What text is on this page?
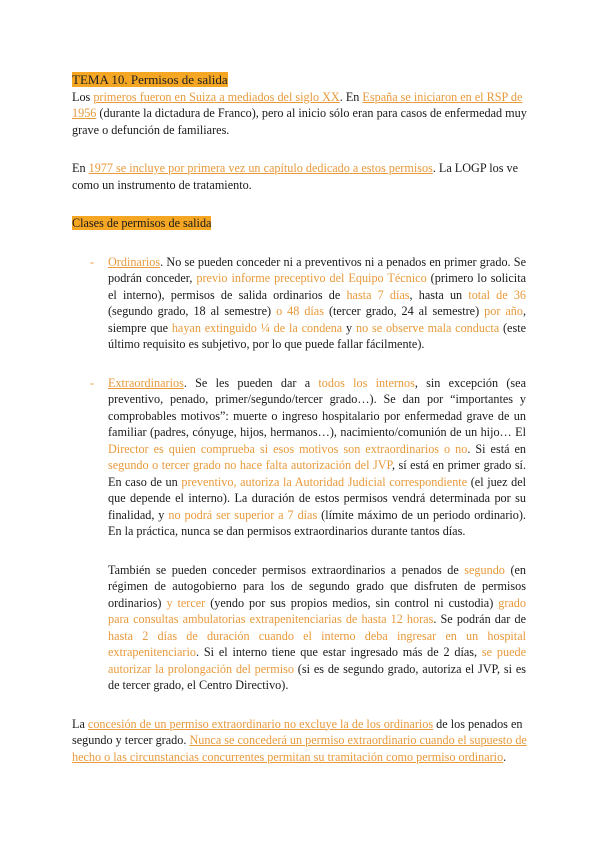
TEMA 10. Permisos de salida

Los primeros fueron en Suiza a mediados del siglo XX. En España se iniciaron en el RSP de 1956 (durante la dictadura de Franco), pero al inicio sólo eran para casos de enfermedad muy grave o defunción de familiares.

En 1977 se incluye por primera vez un capítulo dedicado a estos permisos. La LOGP los ve como un instrumento de tratamiento.

Clases de permisos de salida

- Ordinarios. No se pueden conceder ni a preventivos ni a penados en primer grado. Se podrán conceder, previo informe preceptivo del Equipo Técnico (primero lo solicita el interno), permisos de salida ordinarios de hasta 7 días, hasta un total de 36 (segundo grado, 18 al semestre) o 48 días (tercer grado, 24 al semestre) por año, siempre que hayan extinguido ¼ de la condena y no se observe mala conducta (este último requisito es subjetivo, por lo que puede fallar fácilmente).

- Extraordinarios. Se les pueden dar a todos los internos, sin excepción (sea preventivo, penado, primer/segundo/tercer grado…). Se dan por “importantes y comprobables motivos”: muerte o ingreso hospitalario por enfermedad grave de un familiar (padres, cónyuge, hijos, hermanos…), nacimiento/comunión de un hijo… El Director es quien comprueba si esos motivos son extraordinarios o no. Si está en segundo o tercer grado no hace falta autorización del JVP, sí está en primer grado sí. En caso de un preventivo, autoriza la Autoridad Judicial correspondiente (el juez del que depende el interno). La duración de estos permisos vendrá determinada por su finalidad, y no podrá ser superior a 7 días (límite máximo de un periodo ordinario). En la práctica, nunca se dan permisos extraordinarios durante tantos días.

También se pueden conceder permisos extraordinarios a penados de segundo (en régimen de autogobierno para los de segundo grado que disfruten de permisos ordinarios) y tercer (yendo por sus propios medios, sin control ni custodia) grado para consultas ambulatorias extrapenitenciarias de hasta 12 horas. Se podrán dar de hasta 2 días de duración cuando el interno deba ingresar en un hospital extrapenitenciario. Si el interno tiene que estar ingresado más de 2 días, se puede autorizar la prolongación del permiso (si es de segundo grado, autoriza el JVP, si es de tercer grado, el Centro Directivo).

La concesión de un permiso extraordinario no excluye la de los ordinarios de los penados en segundo y tercer grado. Nunca se concederá un permiso extraordinario cuando el supuesto de hecho o las circunstancias concurrentes permitan su tramitación como permiso ordinario.
